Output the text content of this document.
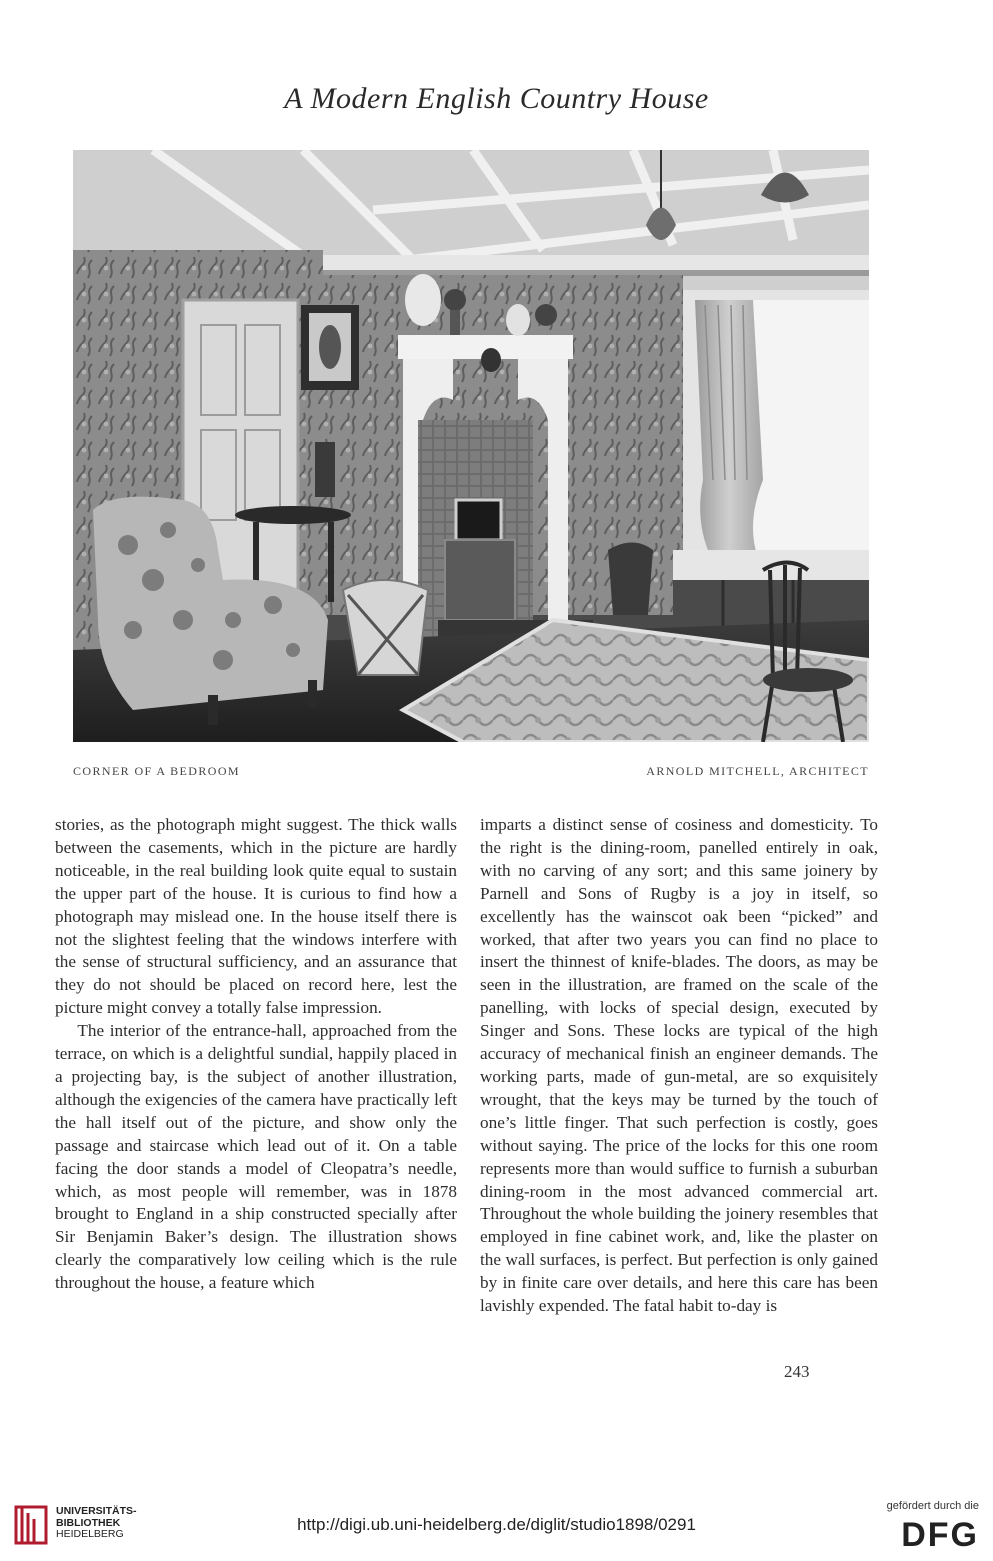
A Modern English Country House
CORNER OF A BEDROOM	ARNOLD MITCHELL, ARCHITECT

stories, as the photograph might suggest. The thick walls between the casements, which in the picture are hardly noticeable, in the real building look quite equal to sustain the upper part of the house. It is curious to find how a photograph may mislead one. In the house itself there is not the slightest feeling that the windows interfere with the sense of structural sufficiency, and an assurance that they do not should be placed on record here, lest the picture might convey a totally false impression.

The interior of the entrance-hall, approached from the terrace, on which is a delightful sundial, happily placed in a projecting bay, is the subject of another illustration, although the exigencies of the camera have practically left the hall itself out of the picture, and show only the passage and staircase which lead out of it. On a table facing the door stands a model of Cleopatra’s needle, which, as most people will remember, was in 1878 brought to England in a ship constructed specially after Sir Benjamin Baker’s design. The illustration shows clearly the comparatively low ceiling which is the rule throughout the house, a feature which

imparts a distinct sense of cosiness and domesticity. To the right is the dining-room, panelled entirely in oak, with no carving of any sort; and this same joinery by Parnell and Sons of Rugby is a joy in itself, so excellently has the wainscot oak been “picked” and worked, that after two years you can find no place to insert the thinnest of knife-blades. The doors, as may be seen in the illustration, are framed on the scale of the panelling, with locks of special design, executed by Singer and Sons. These locks are typical of the high accuracy of mechanical finish an engineer demands. The working parts, made of gun-metal, are so exquisitely wrought, that the keys may be turned by the touch of one’s little finger. That such perfection is costly, goes without saying. The price of the locks for this one room represents more than would suffice to furnish a suburban dining-room in the most advanced commercial art. Throughout the whole building the joinery resembles that employed in fine cabinet work, and, like the plaster on the wall surfaces, is perfect. But perfection is only gained by in finite care over details, and here this care has been lavishly expended. The fatal habit to-day is

243
UNIVERSITÄTS-
BIBLIOTHEK
HEIDELBERG	http://digi.ub.uni-heidelberg.de/diglit/studio1898/0291
gefördert durch die
DFG
